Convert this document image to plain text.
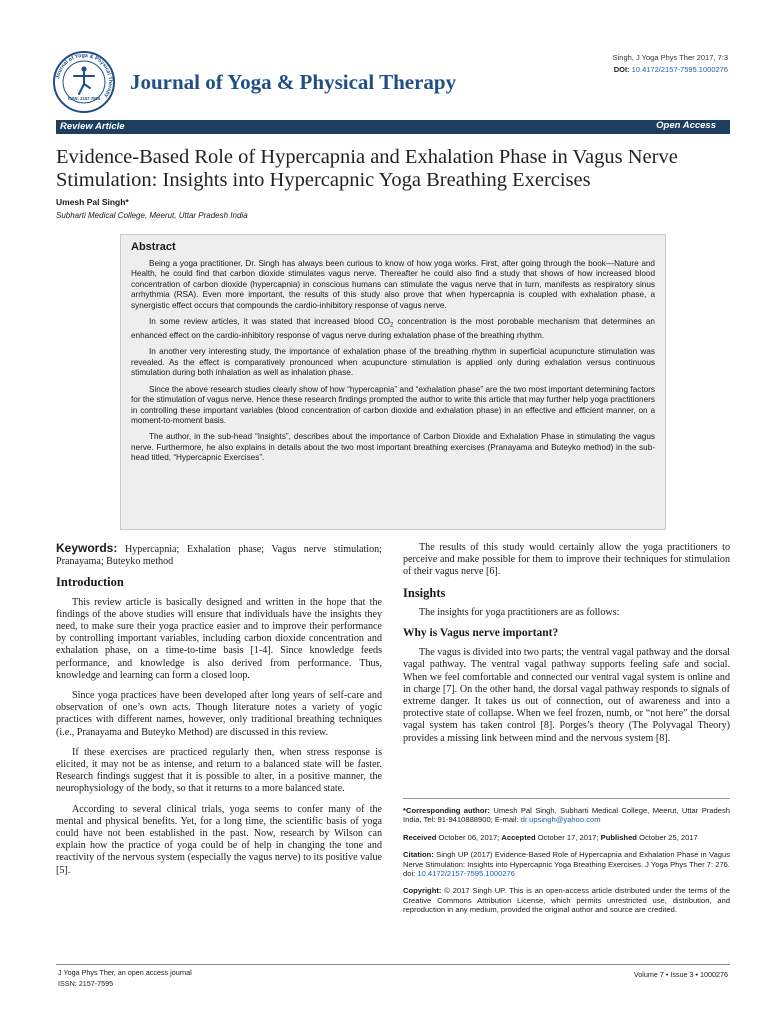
Journal of Yoga & Physical Therapy
ISSN: 2157-7595
Journal of Yoga & Physical Therapy
Singh, J Yoga Phys Ther 2017, 7:3
DOI: 10.4172/2157-7595.1000276
Review Article	Open Access
Evidence-Based Role of Hypercapnia and Exhalation Phase in Vagus Nerve Stimulation: Insights into Hypercapnic Yoga Breathing Exercises
Umesh Pal Singh*
Subharti Medical College, Meerut, Uttar Pradesh India
Abstract

Being a yoga practitioner, Dr. Singh has always been curious to know of how yoga works. First, after going through the book—Nature and Health, he could find that carbon dioxide stimulates vagus nerve. Thereafter he could also find a study that shows of how increased blood concentration of carbon dioxide (hypercapnia) in conscious humans can stimulate the vagus nerve that in turn, manifests as respiratory sinus arrhythmia (RSA). Even more important, the results of this study also prove that when hypercapnia is coupled with exhalation phase, a synergistic effect occurs that compounds the cardio-inhibitory response of vagus nerve.

In some review articles, it was stated that increased blood $CO_2$ concentration is the most porobable mechanism that determines an enhanced effect on the cardio-inhibitory response of vagus nerve during exhalation phase of the breathing rhythm.

In another very interesting study, the importance of exhalation phase of the breathing rhythm in superficial acupuncture stimulation was revealed. As the effect is comparatively pronounced when acupuncture stimulation is applied only during exhalation versus continuous stimulation during both inhalation as well as inhalation phase.

Since the above research studies clearly show of how “hypercapnia” and “exhalation phase” are the two most important determining factors for the stimulation of vagus nerve. Hence these research findings prompted the author to write this article that may further help yoga practitioners in controlling these important variables (blood concentration of carbon dioxide and exhalation phase) in an effective and efficient manner, on a moment-to-moment basis.

The author, in the sub-head “Insights”, describes about the importance of Carbon Dioxide and Exhalation Phase in stimulating the vagus nerve. Furthermore, he also explains in details about the two most important breathing exercises (Pranayama and Buteyko method) in the sub-head titled, “Hypercapnic Exercises”.

Keywords: Hypercapnia; Exhalation phase; Vagus nerve stimulation; Pranayama; Buteyko method
Introduction

This review article is basically designed and written in the hope that the findings of the above studies will ensure that individuals have the insights they need, to make sure their yoga practice easier and to improve their performance by controlling important variables, including carbon dioxide concentration and exhalation phase, on a time-to-time basis [1-4]. Since knowledge feeds performance, and knowledge is also derived from performance. Thus, knowledge and learning can form a closed loop.

Since yoga practices have been developed after long years of self-care and observation of one’s own acts. Though literature notes a variety of yogic practices with different names, however, only traditional breathing techniques (i.e., Pranayama and Buteyko Method) are discussed in this review.

If these exercises are practiced regularly then, when stress response is elicited, it may not be as intense, and return to a balanced state will be faster. Research findings suggest that it is possible to alter, in a positive manner, the neurophysiology of the body, so that it returns to a more balanced state.

According to several clinical trials, yoga seems to confer many of the mental and physical benefits. Yet, for a long time, the scientific basis of yoga could have not been established in the past. Now, research by Wilson can explain how the practice of yoga could be of help in changing the tone and reactivity of the nervous system (especially the vagus nerve) to its positive value [5].

The results of this study would certainly allow the yoga practitioners to perceive and make possible for them to improve their techniques for stimulation of their vagus nerve [6].

Insights

The insights for yoga practitioners are as follows:

Why is Vagus nerve important?

The vagus is divided into two parts; the ventral vagal pathway and the dorsal vagal pathway. The ventral vagal pathway supports feeling safe and social. When we feel comfortable and connected our ventral vagal system is online and in charge [7]. On the other hand, the dorsal vagal pathway responds to signals of extreme danger. It takes us out of connection, out of awareness and into a protective state of collapse. When we feel frozen, numb, or “not here” the dorsal vagal system has taken control [8]. Porges’s theory (The Polyvagal Theory) provides a missing link between mind and the nervous system [8].

*Corresponding author: Umesh Pal Singh, Subharti Medical College, Meerut, Uttar Pradesh India, Tel: 91-9410888900; E-mail: dr.upsingh@yahoo.com

Received October 06, 2017; Accepted October 17, 2017; Published October 25, 2017

Citation: Singh UP (2017) Evidence-Based Role of Hypercapnia and Exhalation Phase in Vagus Nerve Stimulation: Insights into Hypercapnic Yoga Breathing Exercises. J Yoga Phys Ther 7: 276. doi: 10.4172/2157-7595.1000276

Copyright: © 2017 Singh UP. This is an open-access article distributed under the terms of the Creative Commons Attribution License, which permits unrestricted use, distribution, and reproduction in any medium, provided the original author and source are credited.

J Yoga Phys Ther, an open access journal
ISSN: 2157-7595
Volume 7 • Issue 3 • 1000276
